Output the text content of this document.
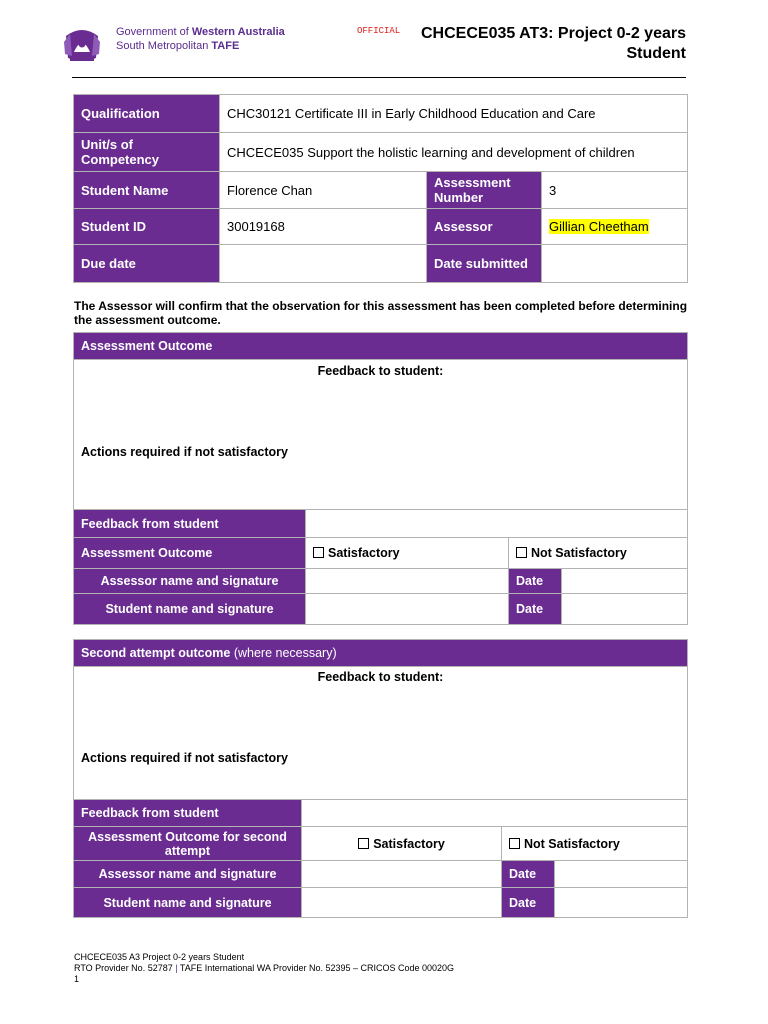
Government of Western Australia
South Metropolitan TAFE
OFFICIAL CHCECE035 AT3: Project 0-2 years
Student
Qualification	CHC30121 Certificate III in Early Childhood Education and Care		
Unit/s of Competency	CHCECE035 Support the holistic learning and development of children		
Student Name	Florence Chan	Assessment Number	3
Student ID	30019168	Assessor	Gillian Cheetham
Due date		Date submitted	
The Assessor will confirm that the observation for this assessment has been completed before determining the assessment outcome.
Assessment Outcome			

Feedback to student:
Actions required if not satisfactory			

Feedback from student			
Assessment Outcome	Satisfactory	Not Satisfactory	
Assessor name and signature		Date	
Student name and signature		Date	
Second attempt outcome (where necessary)			

Feedback to student:
Actions required if not satisfactory			

Feedback from student			
Assessment Outcome for second attempt	Satisfactory	Not Satisfactory	
Assessor name and signature		Date	
Student name and signature		Date	
CHCECE035 A3 Project 0-2 years Student
RTO Provider No. 52787 | TAFE International WA Provider No. 52395 – CRICOS Code 00020G
1
